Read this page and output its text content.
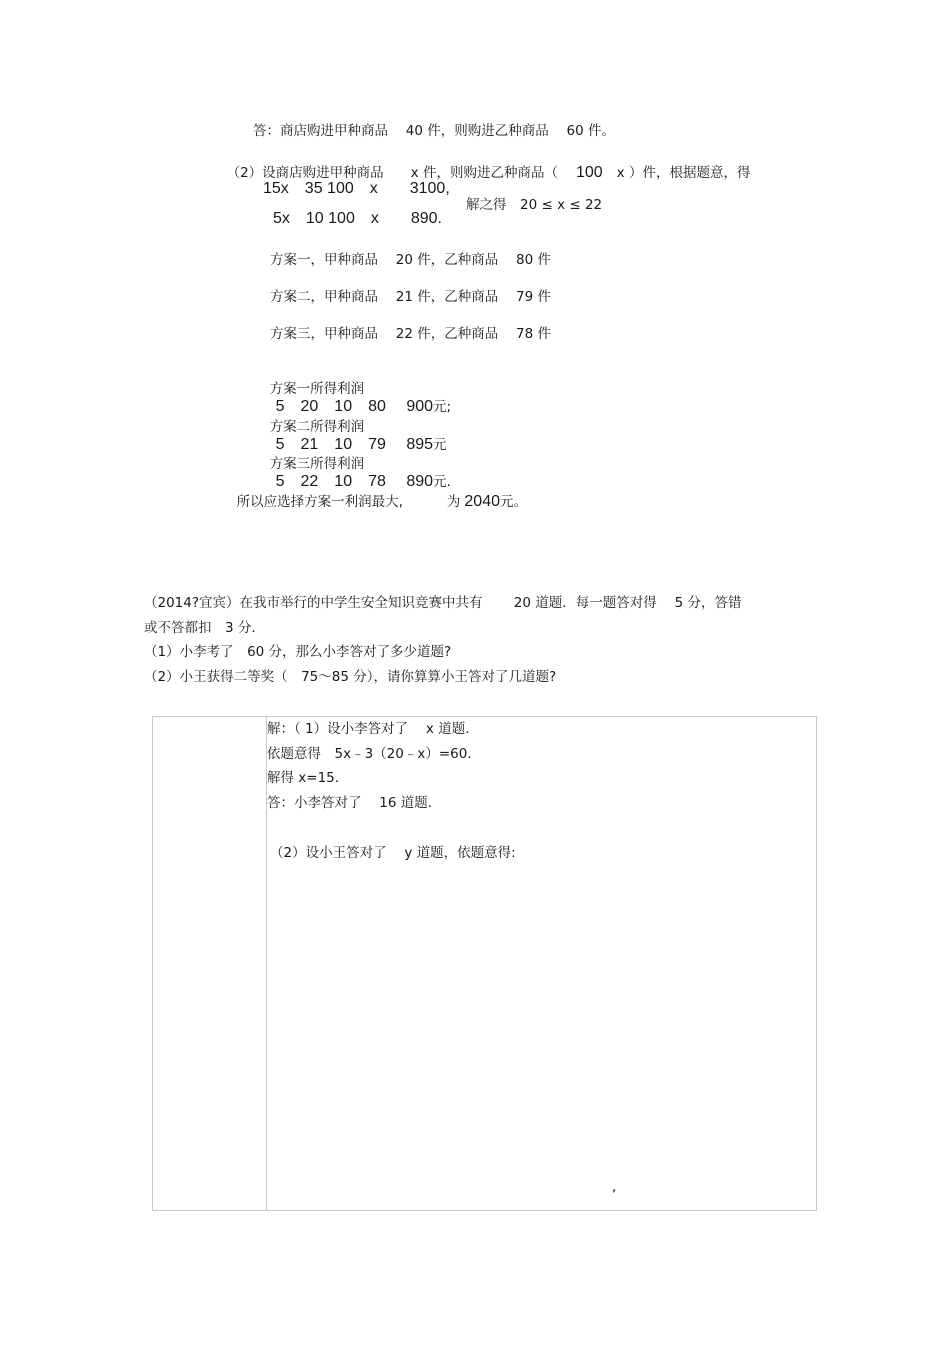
答：商店购进甲种商品　 40 件，则购进乙种商品　 60 件。

（2）设商店购进甲种商品　　x 件，则购进乙种商品（ 100 x ）件，根据题意，得

15x　35 100　x　　3100,
5x　10 100　x　　890.
解之得　20 ≤ x ≤ 22
方案一，甲种商品　 20 件，乙种商品　 80 件
方案二，甲种商品　 21 件，乙种商品　 79 件
方案三，甲种商品　 22 件，乙种商品　 78 件

方案一所得利润
5　20　10　80　 900元;

方案二所得利润
5　21　10　79　 895元

方案三所得利润
5　22　10　78　 890元.

所以应选择方案一利润最大,	为 2040元。

（2014?宜宾）在我市举行的中学生安全知识竞赛中共有　　 20 道题．每一题答对得　 5 分，答错
或不答都扣　3 分．
（1）小李考了　60 分，那么小李答对了多少道题?
（2）小王获得二等奖（　75～85 分），请你算算小王答对了几道题?
解：（ 1）设小李答对了　 x 道题．
依题意得　5x﹣3（20﹣x）=60．
解得 x=15．
答：小李答对了　 16 道题．
（2）设小王答对了　 y 道题，依题意得:
,
